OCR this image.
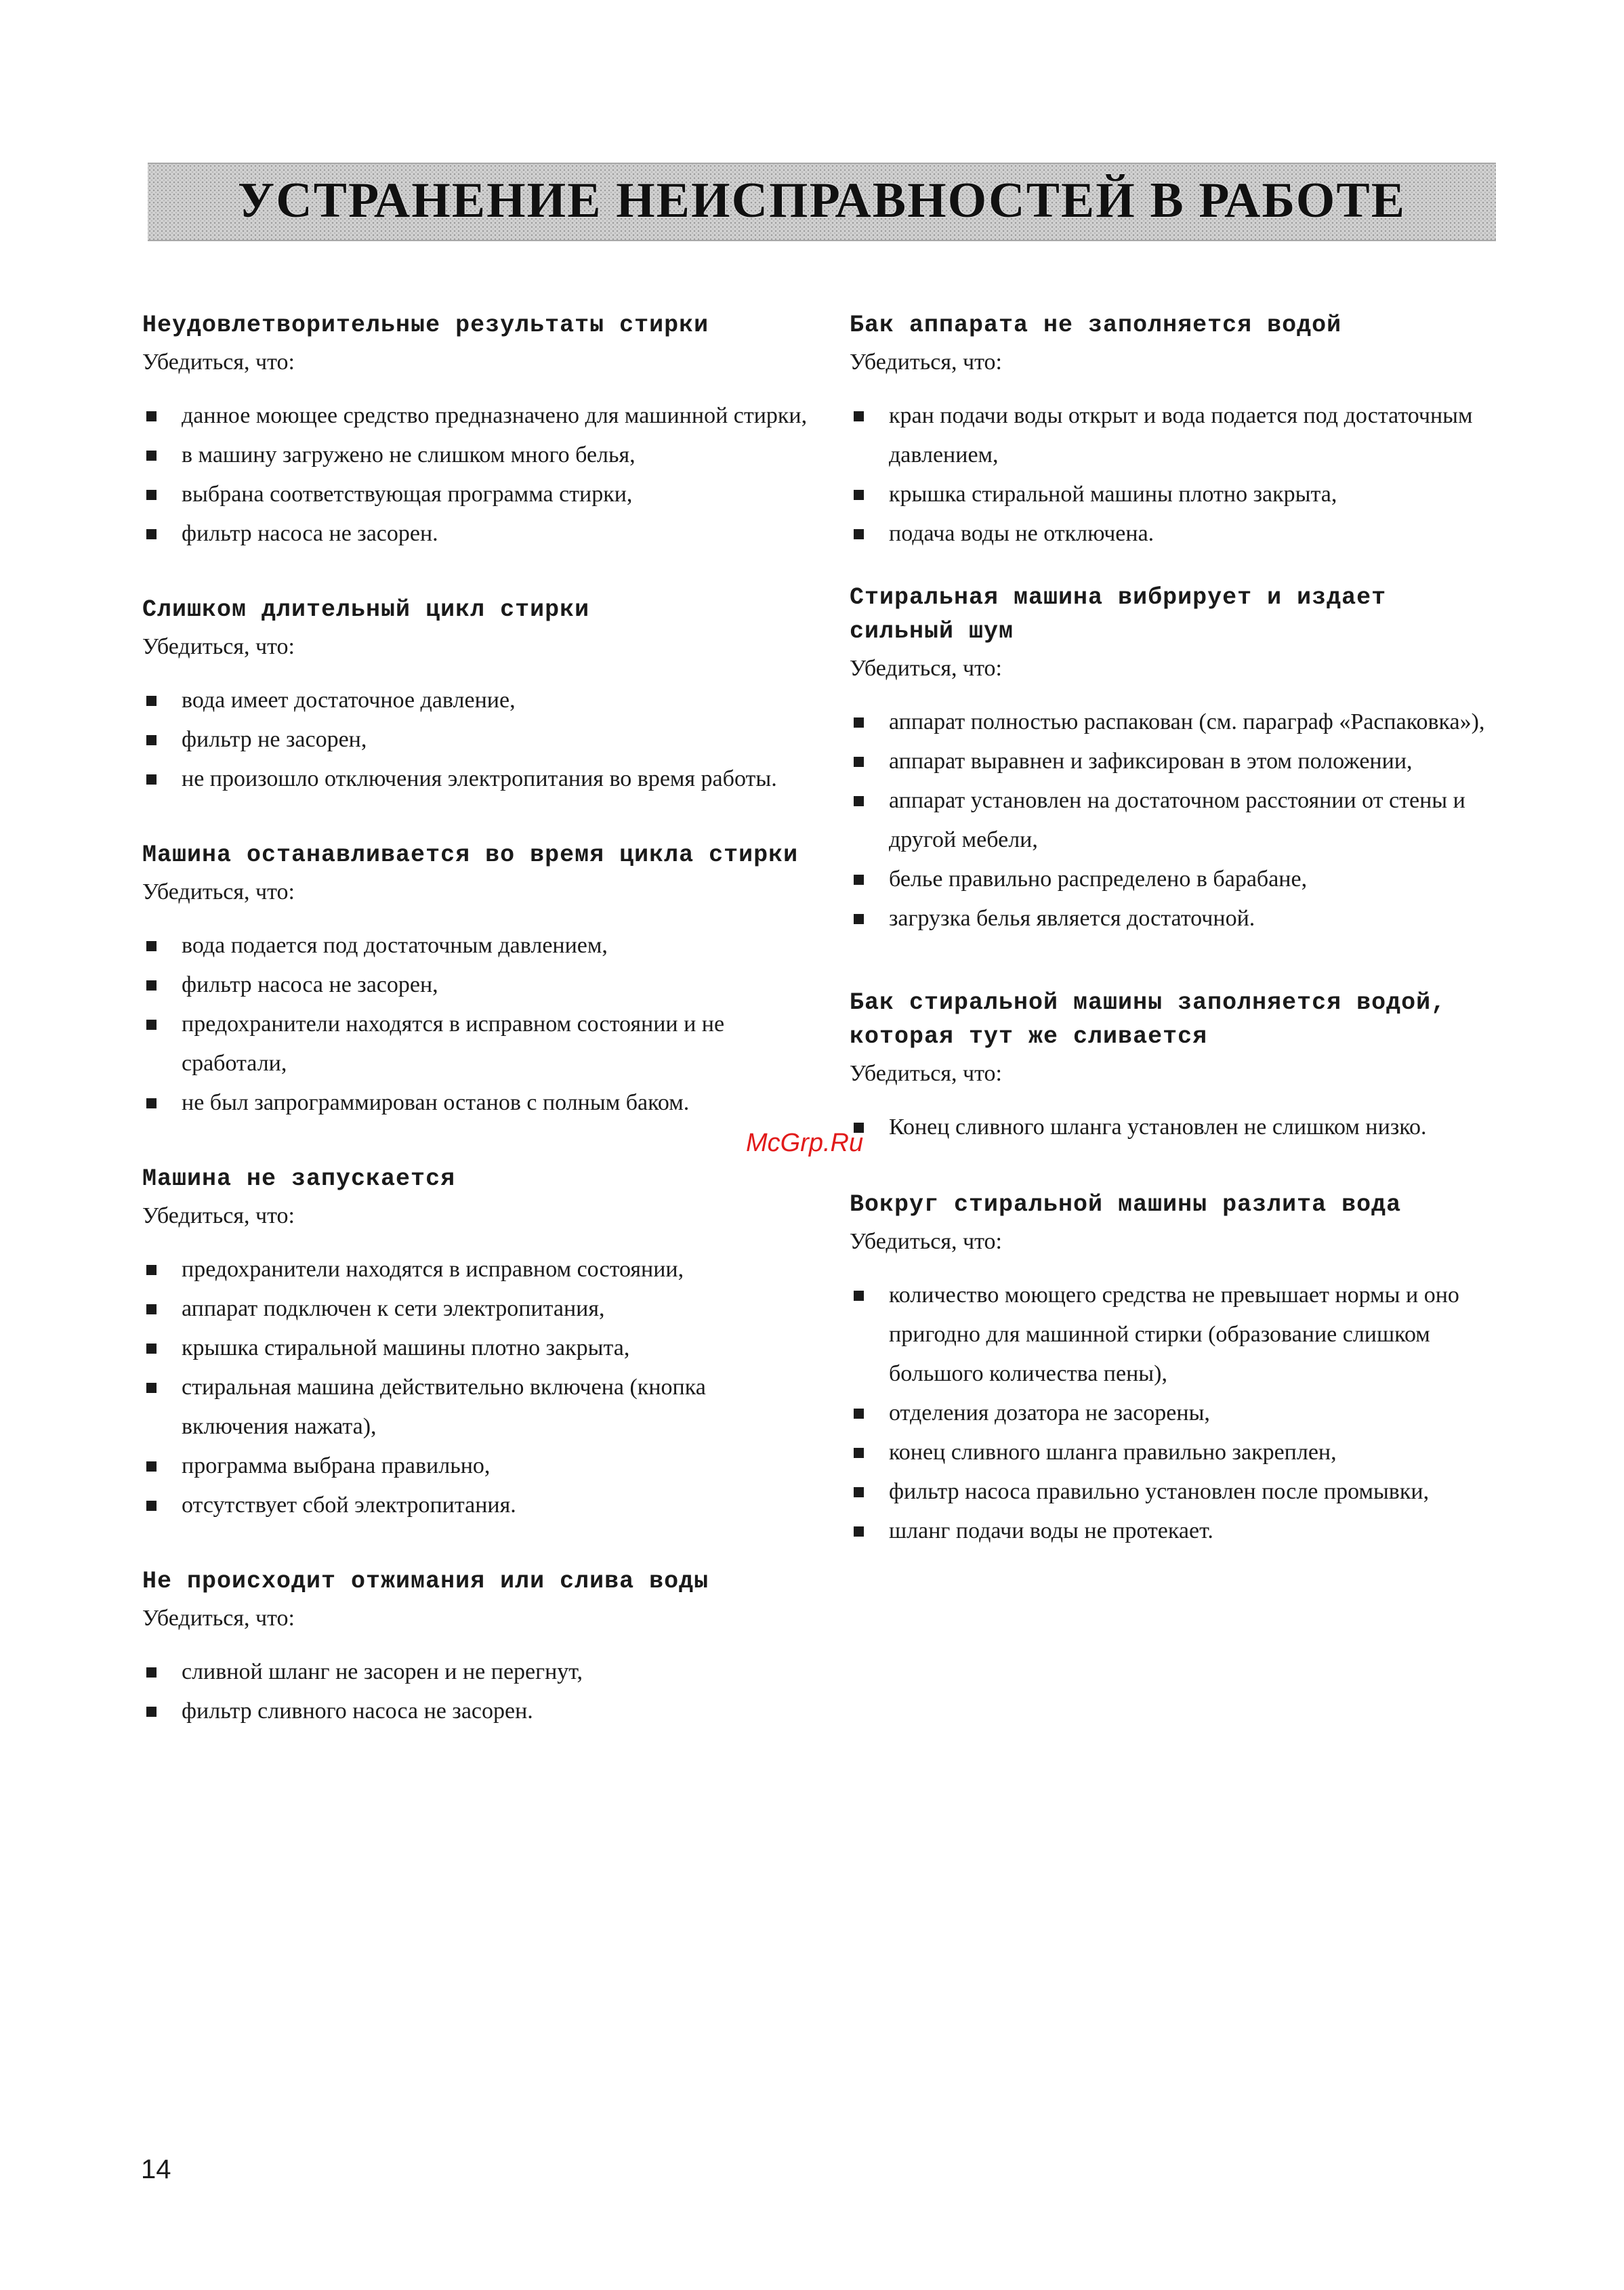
УСТРАНЕНИЕ НЕИСПРАВНОСТЕЙ В РАБОТЕ
Неудовлетворительные результаты стирки

Убедиться, что:

данное моющее средство предназначено для машинной стирки,
в машину загружено не слишком много белья,
выбрана соответствующая программа стирки,
фильтр насоса не засорен.
Слишком длительный цикл стирки

Убедиться, что:

вода имеет достаточное давление,
фильтр не засорен,
не произошло отключения электропитания во время работы.
Машина останавливается во время цикла стирки

Убедиться, что:

вода подается под достаточным давлением,
фильтр насоса не засорен,
предохранители находятся в исправном состоянии и не сработали,
не был запрограммирован останов с полным баком.
Машина не запускается

Убедиться, что:

предохранители находятся в исправном состоянии,
аппарат подключен к сети электропитания,
крышка стиральной машины плотно закрыта,
стиральная машина действительно включена (кнопка включения нажата),
программа выбрана правильно,
отсутствует сбой электропитания.
Не происходит отжимания или слива воды

Убедиться, что:

сливной шланг не засорен и не перегнут,
фильтр сливного насоса не засорен.
Бак аппарата не заполняется водой

Убедиться, что:

кран подачи воды открыт и вода подается под достаточным давлением,
крышка стиральной машины плотно закрыта,
подача воды не отключена.
Стиральная машина вибрирует и издает сильный шум

Убедиться, что:

аппарат полностью распакован (см. параграф «Распаковка»),
аппарат выравнен и зафиксирован в этом положении,
аппарат установлен на достаточном расстоянии от стены и другой мебели,
белье правильно распределено в барабане,
загрузка белья является достаточной.
Бак стиральной машины заполняется водой, которая тут же сливается

Убедиться, что:

Конец сливного шланга установлен не слишком низко.
Вокруг стиральной машины разлита вода

Убедиться, что:

количество моющего средства не превышает нормы и оно пригодно для машинной стирки (образование слишком большого количества пены),
отделения дозатора не засорены,
конец сливного шланга правильно закреплен,
фильтр насоса правильно установлен после промывки,
шланг подачи воды не протекает.
McGrp.Ru
14
